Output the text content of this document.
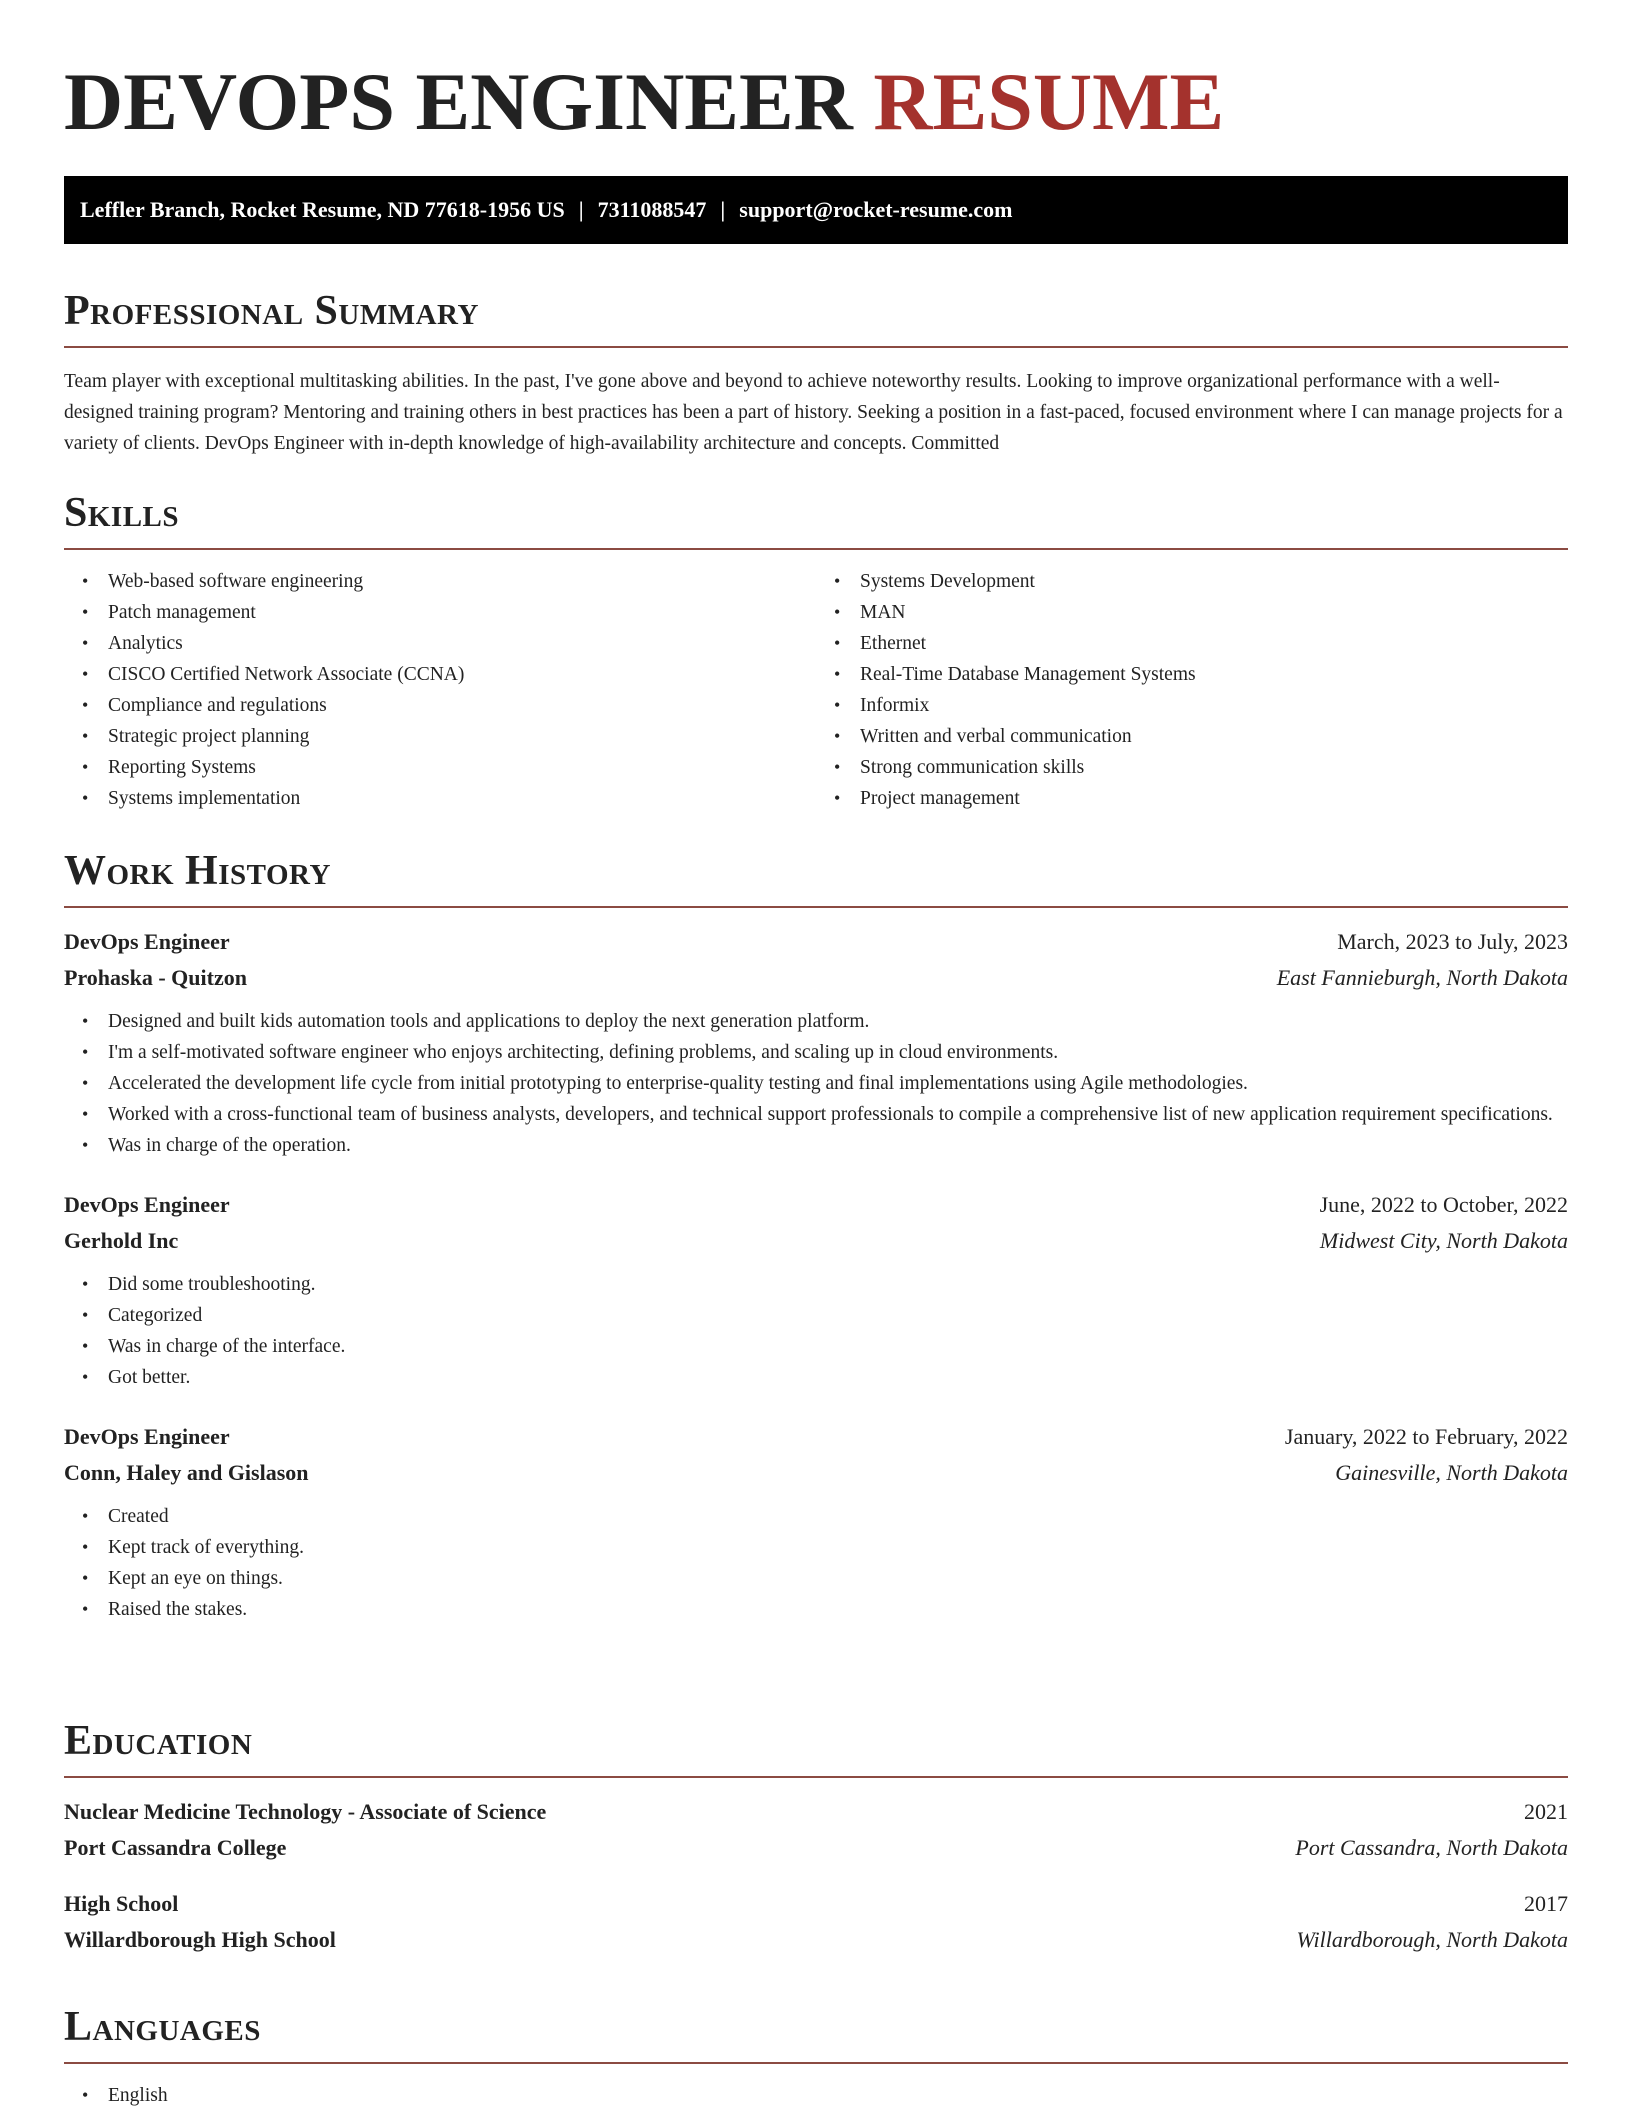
DEVOPS ENGINEER RESUME
Leffler Branch, Rocket Resume, ND 77618-1956 US | 7311088547 | support@rocket-resume.com
Professional Summary

Team player with exceptional multitasking abilities. In the past, I've gone above and beyond to achieve noteworthy results. Looking to improve organizational performance with a well-designed training program? Mentoring and training others in best practices has been a part of history. Seeking a position in a fast-paced, focused environment where I can manage projects for a variety of clients. DevOps Engineer with in-depth knowledge of high-availability architecture and concepts. Committed

Skills
• Web-based software engineering
• Patch management
• Analytics
• CISCO Certified Network Associate (CCNA)
• Compliance and regulations
• Strategic project planning
• Reporting Systems
• Systems implementation
• Systems Development
• MAN
• Ethernet
• Real-Time Database Management Systems
• Informix
• Written and verbal communication
• Strong communication skills
• Project management
Work History
DevOps Engineer	March, 2023 to July, 2023
Prohaska - Quitzon	East Fannieburgh, North Dakota
• Designed and built kids automation tools and applications to deploy the next generation platform.
• I'm a self-motivated software engineer who enjoys architecting, defining problems, and scaling up in cloud environments.
• Accelerated the development life cycle from initial prototyping to enterprise-quality testing and final implementations using Agile methodologies.
• Worked with a cross-functional team of business analysts, developers, and technical support professionals to compile a comprehensive list of new application requirement specifications.
• Was in charge of the operation.
DevOps Engineer	June, 2022 to October, 2022
Gerhold Inc	Midwest City, North Dakota
• Did some troubleshooting.
• Categorized
• Was in charge of the interface.
• Got better.
DevOps Engineer	January, 2022 to February, 2022
Conn, Haley and Gislason	Gainesville, North Dakota
• Created
• Kept track of everything.
• Kept an eye on things.
• Raised the stakes.
Education
Nuclear Medicine Technology - Associate of Science	2021
Port Cassandra College	Port Cassandra, North Dakota
High School	2017
Willardborough High School	Willardborough, North Dakota
Languages
• English
